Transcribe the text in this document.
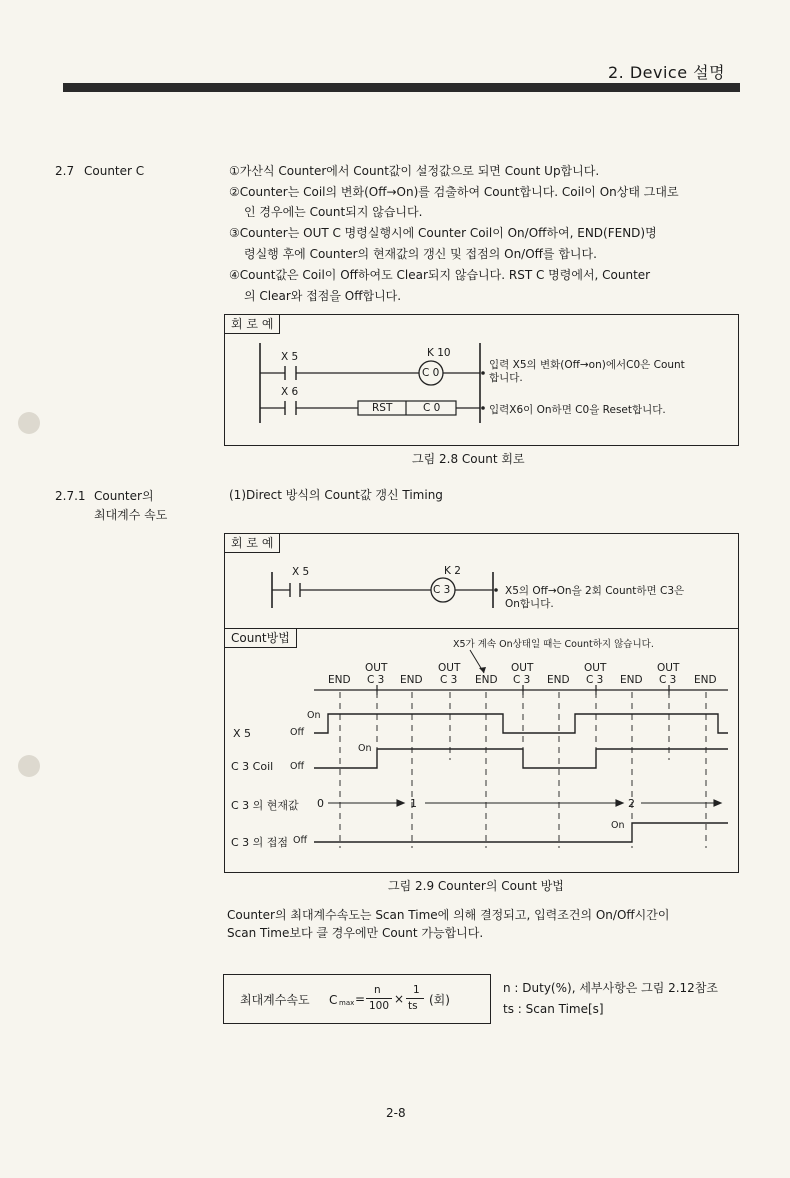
2. Device 설명
2.7 Counter C	①가산식 Counter에서 Count값이 설정값으로 되면 Count Up합니다.
②Counter는 Coil의 변화(Off→On)를 검출하여 Count합니다. Coil이 On상태 그대로
인 경우에는 Count되지 않습니다.
③Counter는 OUT C 명령실행시에 Counter Coil이 On/Off하여, END(FEND)명
령실행 후에 Counter의 현재값의 갱신 및 접점의 On/Off를 합니다.
④Count값은 Coil이 Off하여도 Clear되지 않습니다. RST C 명령에서, Counter
의 Clear와 접점을 Off합니다.
회 로 예
X 5
X 6
K 10
C 0
RST	C 0
입력 X5의 변화(Off→on)에서C0은 Count
합니다.
입력X6이 On하면 C0을 Reset합니다.
그림 2.8 Count 회로
2.7.1 Counter의
최대계수 속도
(1)Direct 방식의 Count값 갱신 Timing
회 로 예
Count방법
X 5	K 2
C 3	X5의 Off→On을 2회 Count하면 C3은
On합니다.
X5가 계속 On상태일 때는 Count하지 않습니다.
OUT	OUT	OUT	OUT	OUT
END C 3 END C 3 END C 3 END C 3 END C 3 END
X 5
On
Off
C 3 Coil
On
Off
C 3 의 현재값 0	1	2
C 3 의 접점 Off
On
그림 2.9 Counter의 Count 방법
Counter의 최대계수속도는 Scan Time에 의해 결정되고, 입력조건의 On/Off시간이
Scan Time보다 클 경우에만 Count 가능합니다.
최대계수속도 C max =
n
100 ×
1
ts (회)
n : Duty(%), 세부사항은 그림 2.12참조
ts : Scan Time[s]
2-8
